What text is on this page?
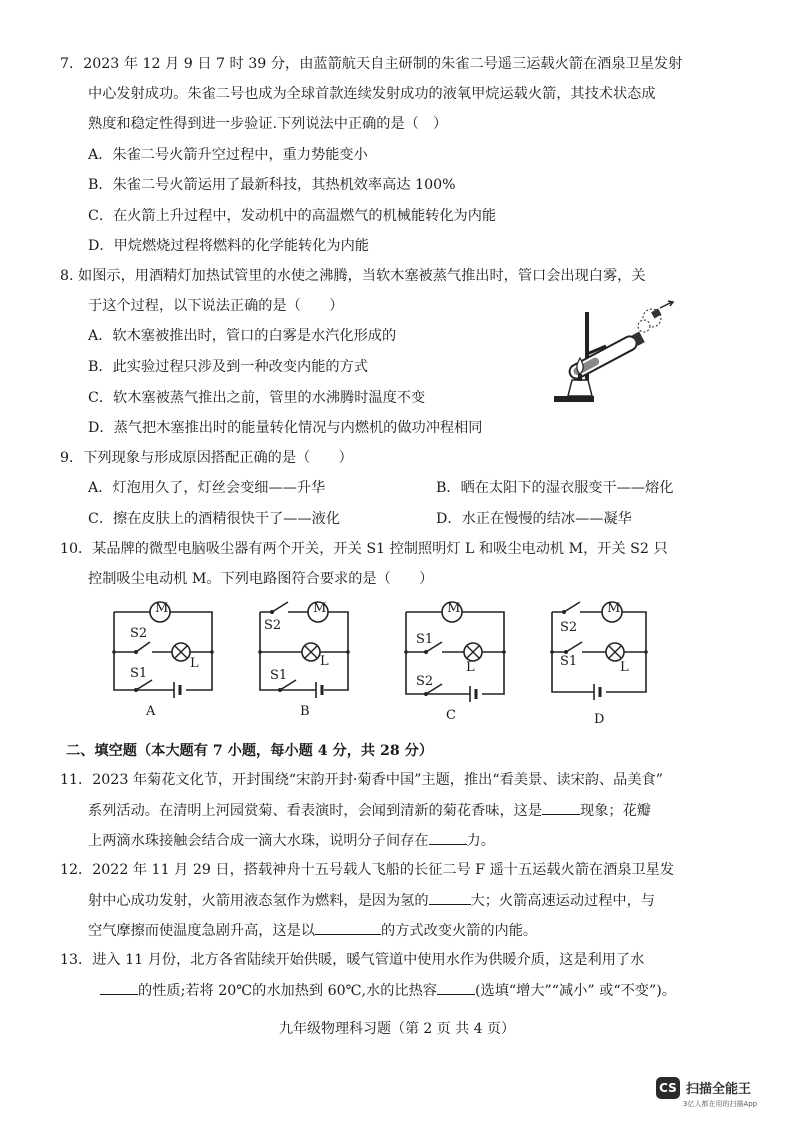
7．2023 年 12 月 9 日 7 时 39 分，由蓝箭航天自主研制的朱雀二号遥三运载火箭在酒泉卫星发射
中心发射成功。朱雀二号也成为全球首款连续发射成功的液氧甲烷运载火箭，其技术状态成
熟度和稳定性得到进一步验证.下列说法中正确的是（　）
A．朱雀二号火箭升空过程中，重力势能变小
B．朱雀二号火箭运用了最新科技，其热机效率高达 100%
C．在火箭上升过程中，发动机中的高温燃气的机械能转化为内能
D．甲烷燃烧过程将燃料的化学能转化为内能
8. 如图示，用酒精灯加热试管里的水使之沸腾，当软木塞被蒸气推出时，管口会出现白雾，关
于这个过程，以下说法正确的是（　　）
A．软木塞被推出时，管口的白雾是水汽化形成的
B．此实验过程只涉及到一种改变内能的方式
C．软木塞被蒸气推出之前，管里的水沸腾时温度不变
D．蒸气把木塞推出时的能量转化情况与内燃机的做功冲程相同
9．下列现象与形成原因搭配正确的是（　　）
A．灯泡用久了，灯丝会变细——升华	B．晒在太阳下的湿衣服变干——熔化
C．擦在皮肤上的酒精很快干了——液化	D．水正在慢慢的结冰——凝华
10．某品牌的微型电脑吸尘器有两个开关，开关 S1 控制照明灯 L 和吸尘电动机 M，开关 S2 只
控制吸尘电动机 M。下列电路图符合要求的是（　　）
M
S2
L
S1
A
M
S2
L
S1
B
M
S1
L
S2
C
M
S2
S1	L
D
二、填空题（本大题有 7 小题，每小题 4 分，共 28 分）
11．2023 年菊花文化节，开封围绕“宋韵开封·菊香中国”主题，推出“看美景、读宋韵、品美食”
系列活动。在清明上河园赏菊、看表演时，会闻到清新的菊花香味，这是	现象；花瓣
上两滴水珠接触会结合成一滴大水珠，说明分子间存在	力。
12．2022 年 11 月 29 日，搭载神舟十五号载人飞船的长征二号 F 遥十五运载火箭在酒泉卫星发
射中心成功发射，火箭用液态氢作为燃料，是因为氢的	大；火箭高速运动过程中，与
空气摩擦而使温度急剧升高，这是以	的方式改变火箭的内能。
13．进入 11 月份，北方各省陆续开始供暖，暖气管道中使用水作为供暖介质，这是利用了水
的性质;若将 20℃的水加热到 60℃,水的比热容	(选填“增大”“减小” 或“不变”)。
九年级物理科习题（第 2 页 共 4 页）
CS 扫描全能王
3亿人都在用的扫描App
